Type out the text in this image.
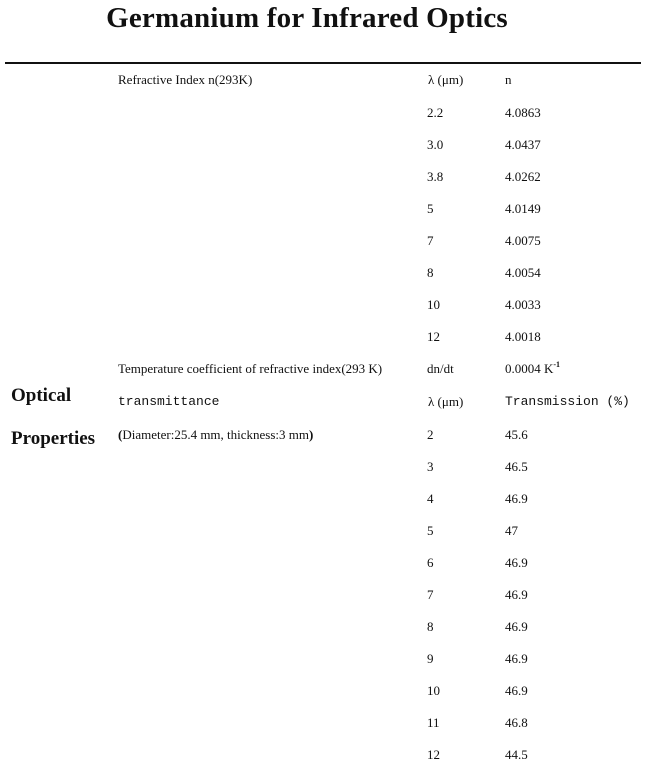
Germanium for Infrared Optics
Optical
Properties
Refractive Index n(293K)	λ (μm)	n
2.2	4.0863
3.0	4.0437
3.8	4.0262
5	4.0149
7	4.0075
8	4.0054
10	4.0033
12	4.0018
Temperature coefficient of refractive index(293 K)	dn/dt	0.0004 $K^{-1}$
transmittance	λ (μm)	Transmission (%)
(Diameter:25.4 mm, thickness:3 mm)	2	45.6
3	46.5
4	46.9
5	47
6	46.9
7	46.9
8	46.9
9	46.9
10	46.9
11	46.8
12	44.5
